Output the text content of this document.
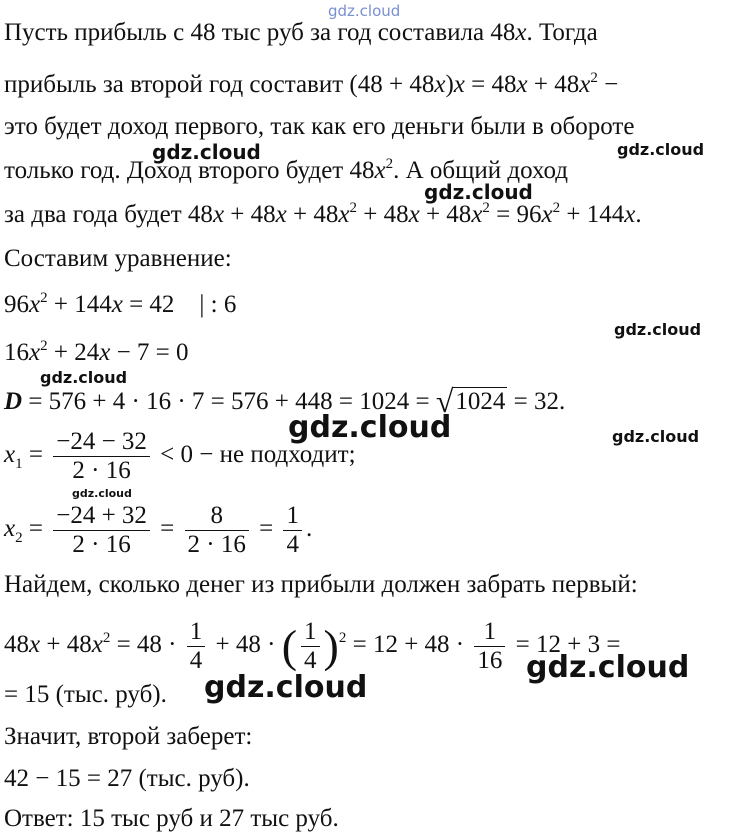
gdz.cloud
Пусть прибыль с 48 тыс руб за год составила 48x. Тогда
прибыль за второй год составит $(48 + 48x)x = 48x + 48x^2$ −
это будет доход первого, так как его деньги были в обороте
только год. Доход второго будет $48x^2$. А общий доход
за два года будет $48x + 48x + 48x^2 + 48x + 48x^2 = 96x^2 + 144x$.
Составим уравнение:
$96x^2 + 144x = 42$    | : 6
$16x^2 + 24x - 7 = 0$
D = 576 + 4 · 16 · 7 = 576 + 448 = 1024 = √1024 = 32.
$x_1 = \frac{-24 - 32}{2 \cdot 16} < 0$ − не подходит;
$x_2 = \frac{-24 + 32}{2 \cdot 16} = \frac{8}{2 \cdot 16} = \frac{1}{4}$ .
Найдем, сколько денег из прибыли должен забрать первый:
$48x + 48x^2 = 48 \cdot \frac{1}{4} + 48$ · ( $\frac{1}{4} )^2 = 12 + 48 \cdot \frac{1}{16} = 12 + 3$ =
= 15 (тыс. руб).
Значит, второй заберет:
42 − 15 = 27 (тыс. руб).
Ответ: 15 тыс руб и 27 тыс руб.
gdz.cloud	gdz.cloud
gdz.cloud
gdz.cloud
gdz.cloud
gdz.cloud	gdz.cloud
gdz.cloud
gdz.cloud
gdz.cloud
